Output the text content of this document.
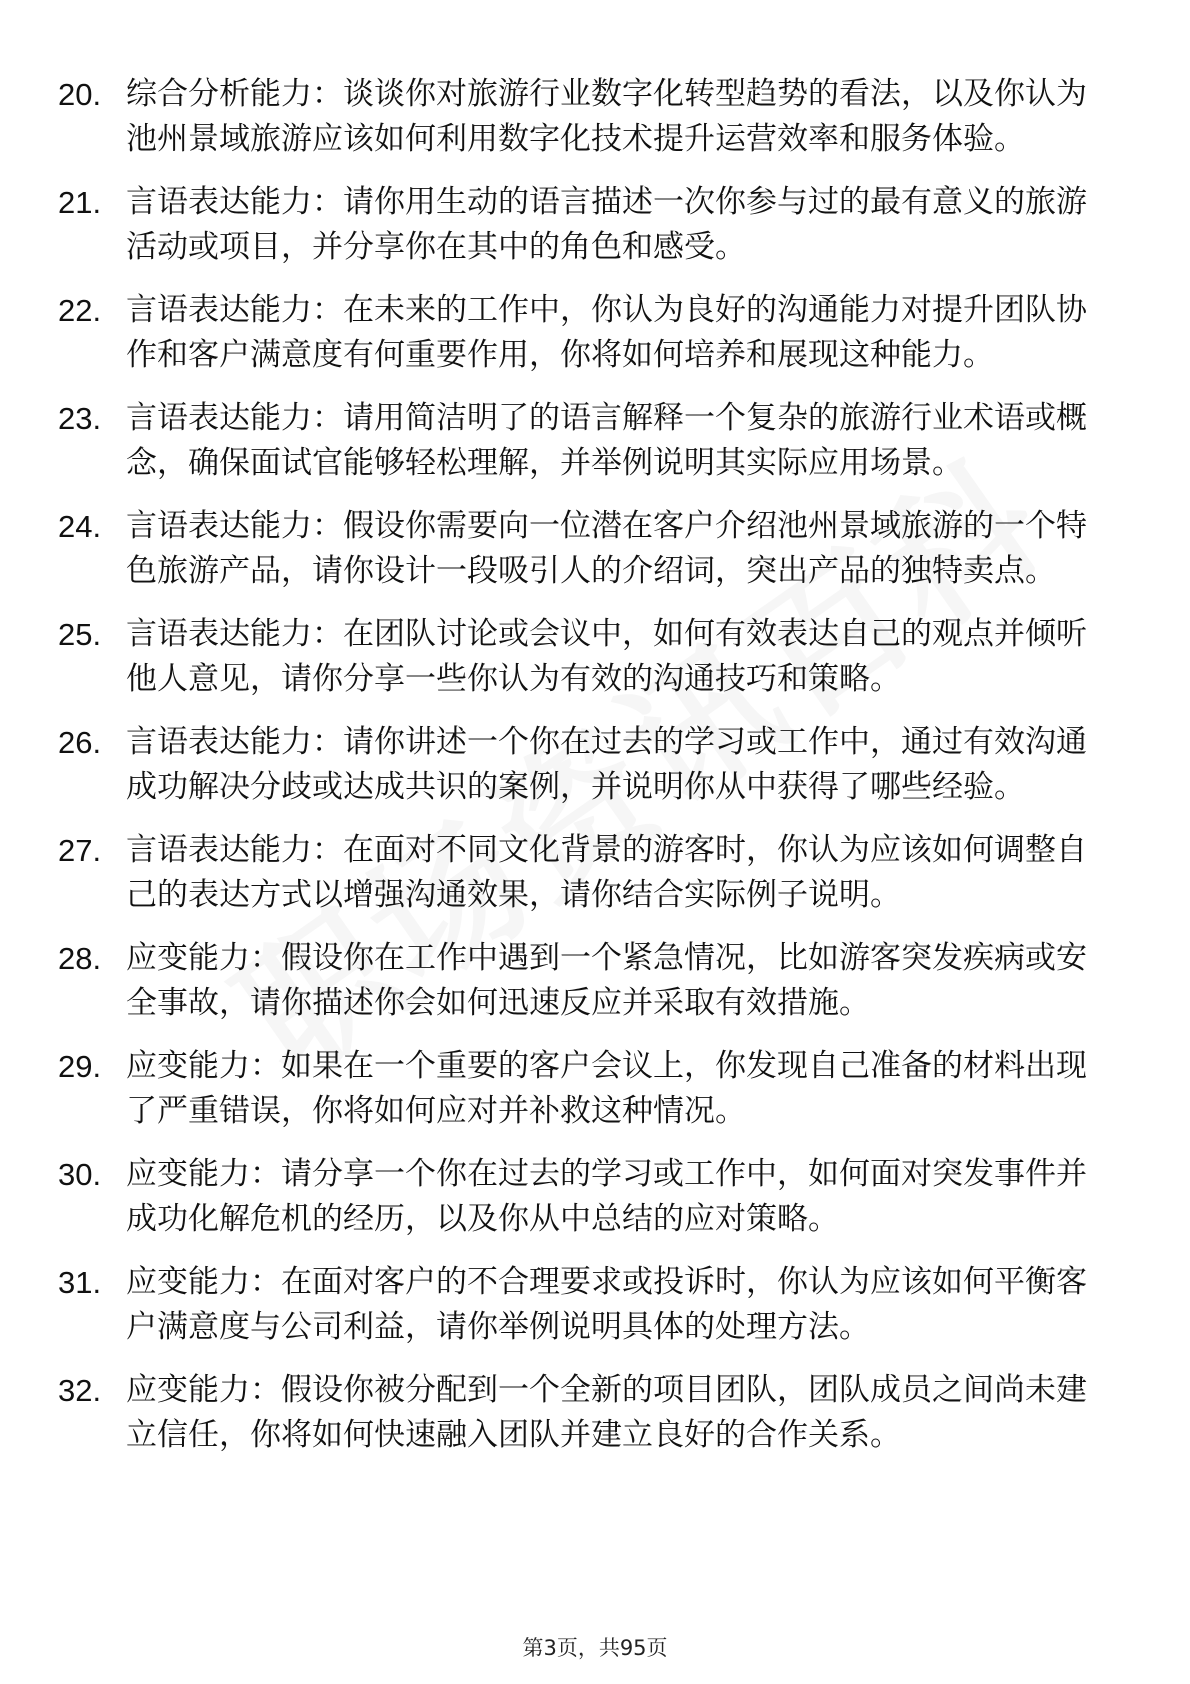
20. 综合分析能力：谈谈你对旅游行业数字化转型趋势的看法，以及你认为池州景域旅游应该如何利用数字化技术提升运营效率和服务体验。
21. 言语表达能力：请你用生动的语言描述一次你参与过的最有意义的旅游活动或项目，并分享你在其中的角色和感受。
22. 言语表达能力：在未来的工作中，你认为良好的沟通能力对提升团队协作和客户满意度有何重要作用，你将如何培养和展现这种能力。
23. 言语表达能力：请用简洁明了的语言解释一个复杂的旅游行业术语或概念，确保面试官能够轻松理解，并举例说明其实际应用场景。
24. 言语表达能力：假设你需要向一位潜在客户介绍池州景域旅游的一个特色旅游产品，请你设计一段吸引人的介绍词，突出产品的独特卖点。
25. 言语表达能力：在团队讨论或会议中，如何有效表达自己的观点并倾听他人意见，请你分享一些你认为有效的沟通技巧和策略。
26. 言语表达能力：请你讲述一个你在过去的学习或工作中，通过有效沟通成功解决分歧或达成共识的案例，并说明你从中获得了哪些经验。
27. 言语表达能力：在面对不同文化背景的游客时，你认为应该如何调整自己的表达方式以增强沟通效果，请你结合实际例子说明。
28. 应变能力：假设你在工作中遇到一个紧急情况，比如游客突发疾病或安全事故，请你描述你会如何迅速反应并采取有效措施。
29. 应变能力：如果在一个重要的客户会议上，你发现自己准备的材料出现了严重错误，你将如何应对并补救这种情况。
30. 应变能力：请分享一个你在过去的学习或工作中，如何面对突发事件并成功化解危机的经历，以及你从中总结的应对策略。
31. 应变能力：在面对客户的不合理要求或投诉时，你认为应该如何平衡客户满意度与公司利益，请你举例说明具体的处理方法。
32. 应变能力：假设你被分配到一个全新的项目团队，团队成员之间尚未建立信任，你将如何快速融入团队并建立良好的合作关系。
第3页，共95页
